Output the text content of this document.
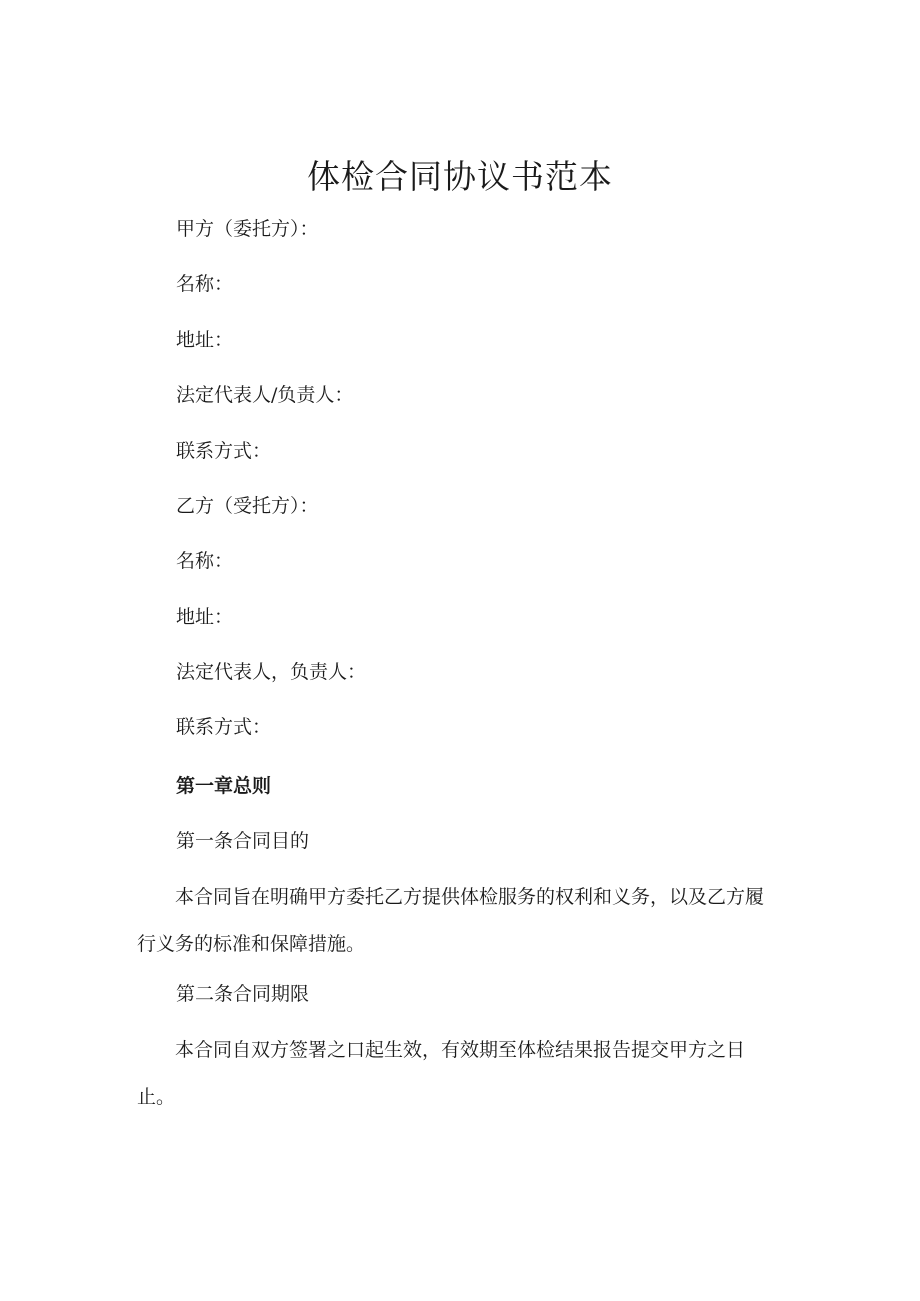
体检合同协议书范本

甲方（委托方）：

名称：

地址：

法定代表人/负责人：

联系方式：

乙方（受托方）：

名称：

地址：

法定代表人，负责人：

联系方式：

第一章总则

第一条合同目的

本合同旨在明确甲方委托乙方提供体检服务的权利和义务，以及乙方履行义务的标准和保障措施。

第二条合同期限

本合同自双方签署之口起生效，有效期至体检结果报告提交甲方之日止。
